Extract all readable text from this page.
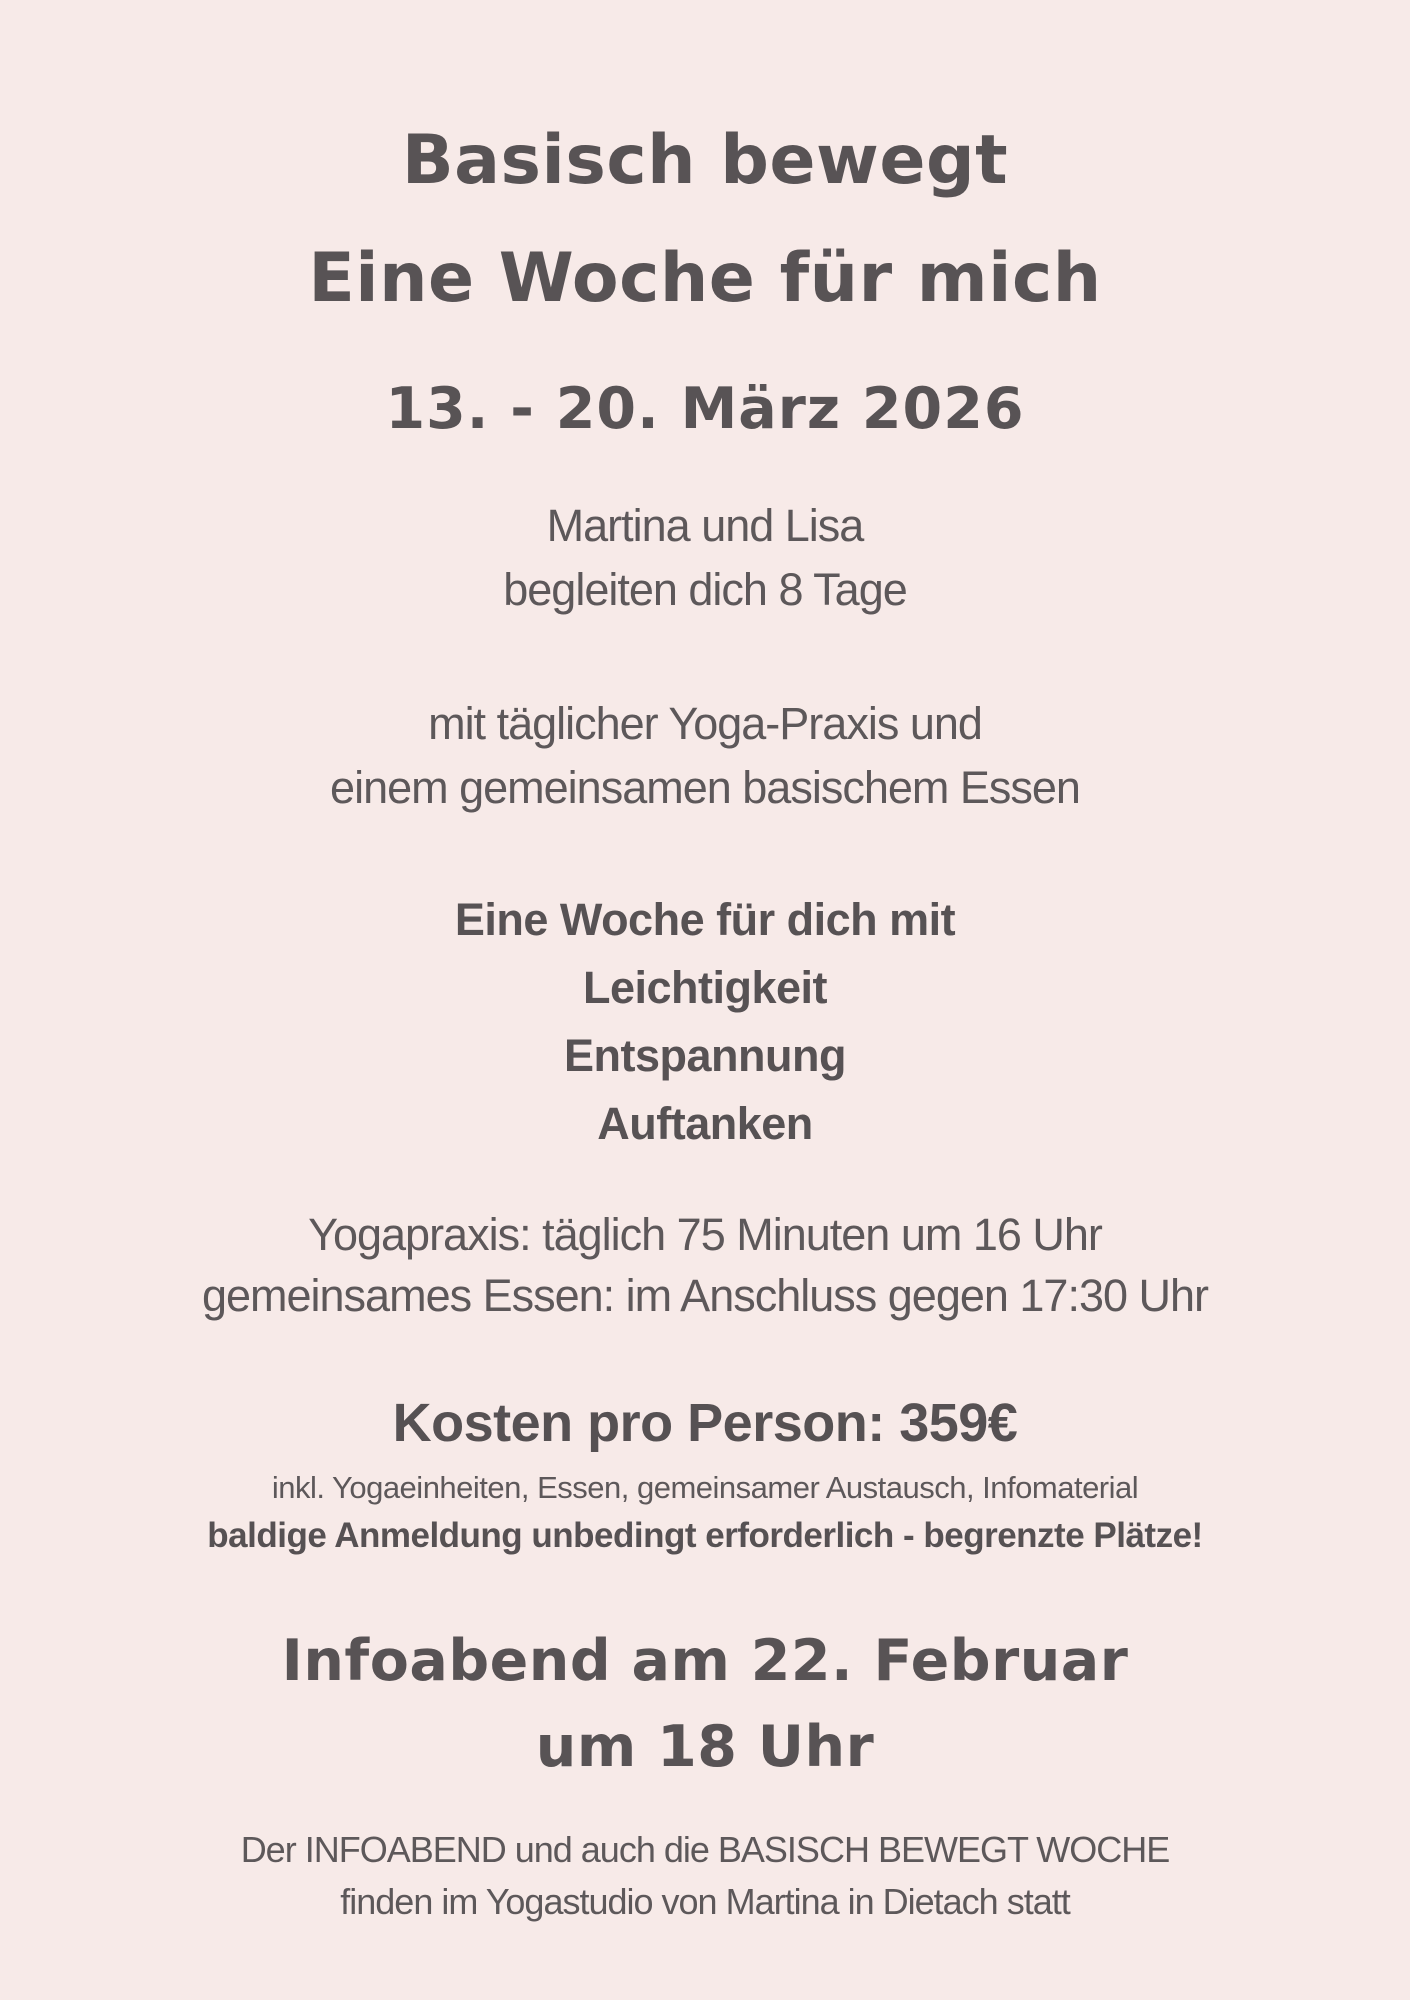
Basisch bewegt
Eine Woche für mich
13. - 20. März 2026
Martina und Lisa
begleiten dich 8 Tage
mit täglicher Yoga-Praxis und
einem gemeinsamen basischem Essen
Eine Woche für dich mit
Leichtigkeit
Entspannung
Auftanken
Yogapraxis: täglich 75 Minuten um 16 Uhr
gemeinsames Essen: im Anschluss gegen 17:30 Uhr
Kosten pro Person: 359€
inkl. Yogaeinheiten, Essen, gemeinsamer Austausch, Infomaterial
baldige Anmeldung unbedingt erforderlich - begrenzte Plätze!
Infoabend am 22. Februar
um 18 Uhr
Der INFOABEND und auch die BASISCH BEWEGT WOCHE
finden im Yogastudio von Martina in Dietach statt
